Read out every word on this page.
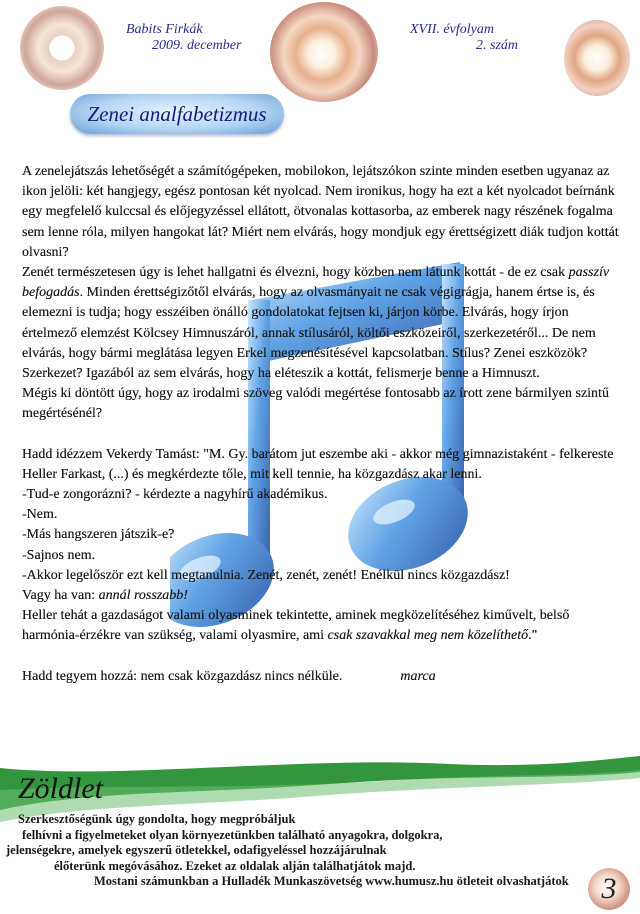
Babits Firkák
2009. december
XVII. évfolyam
2. szám
Zenei analfabetizmus

A zenelejátszás lehetőségét a számítógépeken, mobilokon, lejátszókon szinte minden esetben ugyanaz az ikon jelöli: két hangjegy, egész pontosan két nyolcad. Nem ironikus, hogy ha ezt a két nyolcadot beírnánk egy megfelelő kulccsal és előjegyzéssel ellátott, ötvonalas kottasorba, az emberek nagy részének fogalma sem lenne róla, milyen hangokat lát? Miért nem elvárás, hogy mondjuk egy érettségizett diák tudjon kottát olvasni?

Zenét természetesen úgy is lehet hallgatni és élvezni, hogy közben nem látunk kottát - de ez csak passzív befogadás. Minden érettségizőtől elvárás, hogy az olvasmányait ne csak végigrágja, hanem értse is, és elemezni is tudja; hogy esszéiben önálló gondolatokat fejtsen ki, járjon körbe. Elvárás, hogy írjon értelmező elemzést Kölcsey Himnuszáról, annak stílusáról, költői eszközeiről, szerkezetéről... De nem elvárás, hogy bármi meglátása legyen Erkel megzenésítésével kapcsolatban. Stílus? Zenei eszközök? Szerkezet? Igazából az sem elvárás, hogy ha eléteszik a kottát, felismerje benne a Himnuszt.

Mégis ki döntött úgy, hogy az irodalmi szöveg valódi megértése fontosabb az írott zene bármilyen szintű megértésénél?

Hadd idézzem Vekerdy Tamást: "M. Gy. barátom jut eszembe aki - akkor még gimnazistaként - felkereste Heller Farkast, (...) és megkérdezte tőle, mit kell tennie, ha közgazdász akar lenni.

-Tud-e zongorázni? - kérdezte a nagyhírű akadémikus.

-Nem.

-Más hangszeren játszik-e?

-Sajnos nem.

-Akkor legelőször ezt kell megtanulnia. Zenét, zenét, zenét! Enélkül nincs közgazdász!

Vagy ha van: annál rosszabb!

Heller tehát a gazdaságot valami olyasminek tekintette, aminek megközelítéséhez kiművelt, belső harmónia-érzékre van szükség, valami olyasmire, ami csak szavakkal meg nem közelíthető."

Hadd tegyem hozzá: nem csak közgazdász nincs nélküle.	marca

Zöldlet
Szerkesztőségünk úgy gondolta, hogy megpróbáljuk
felhívni a figyelmeteket olyan környezetünkben található anyagokra, dolgokra,
jelenségekre, amelyek egyszerű ötletekkel, odafigyeléssel hozzájárulnak
élőterünk megóvásához. Ezeket az oldalak alján találhatjátok majd.
Mostani számunkban a Hulladék Munkaszövetség www.humusz.hu ötleteit olvashatjátok	3
